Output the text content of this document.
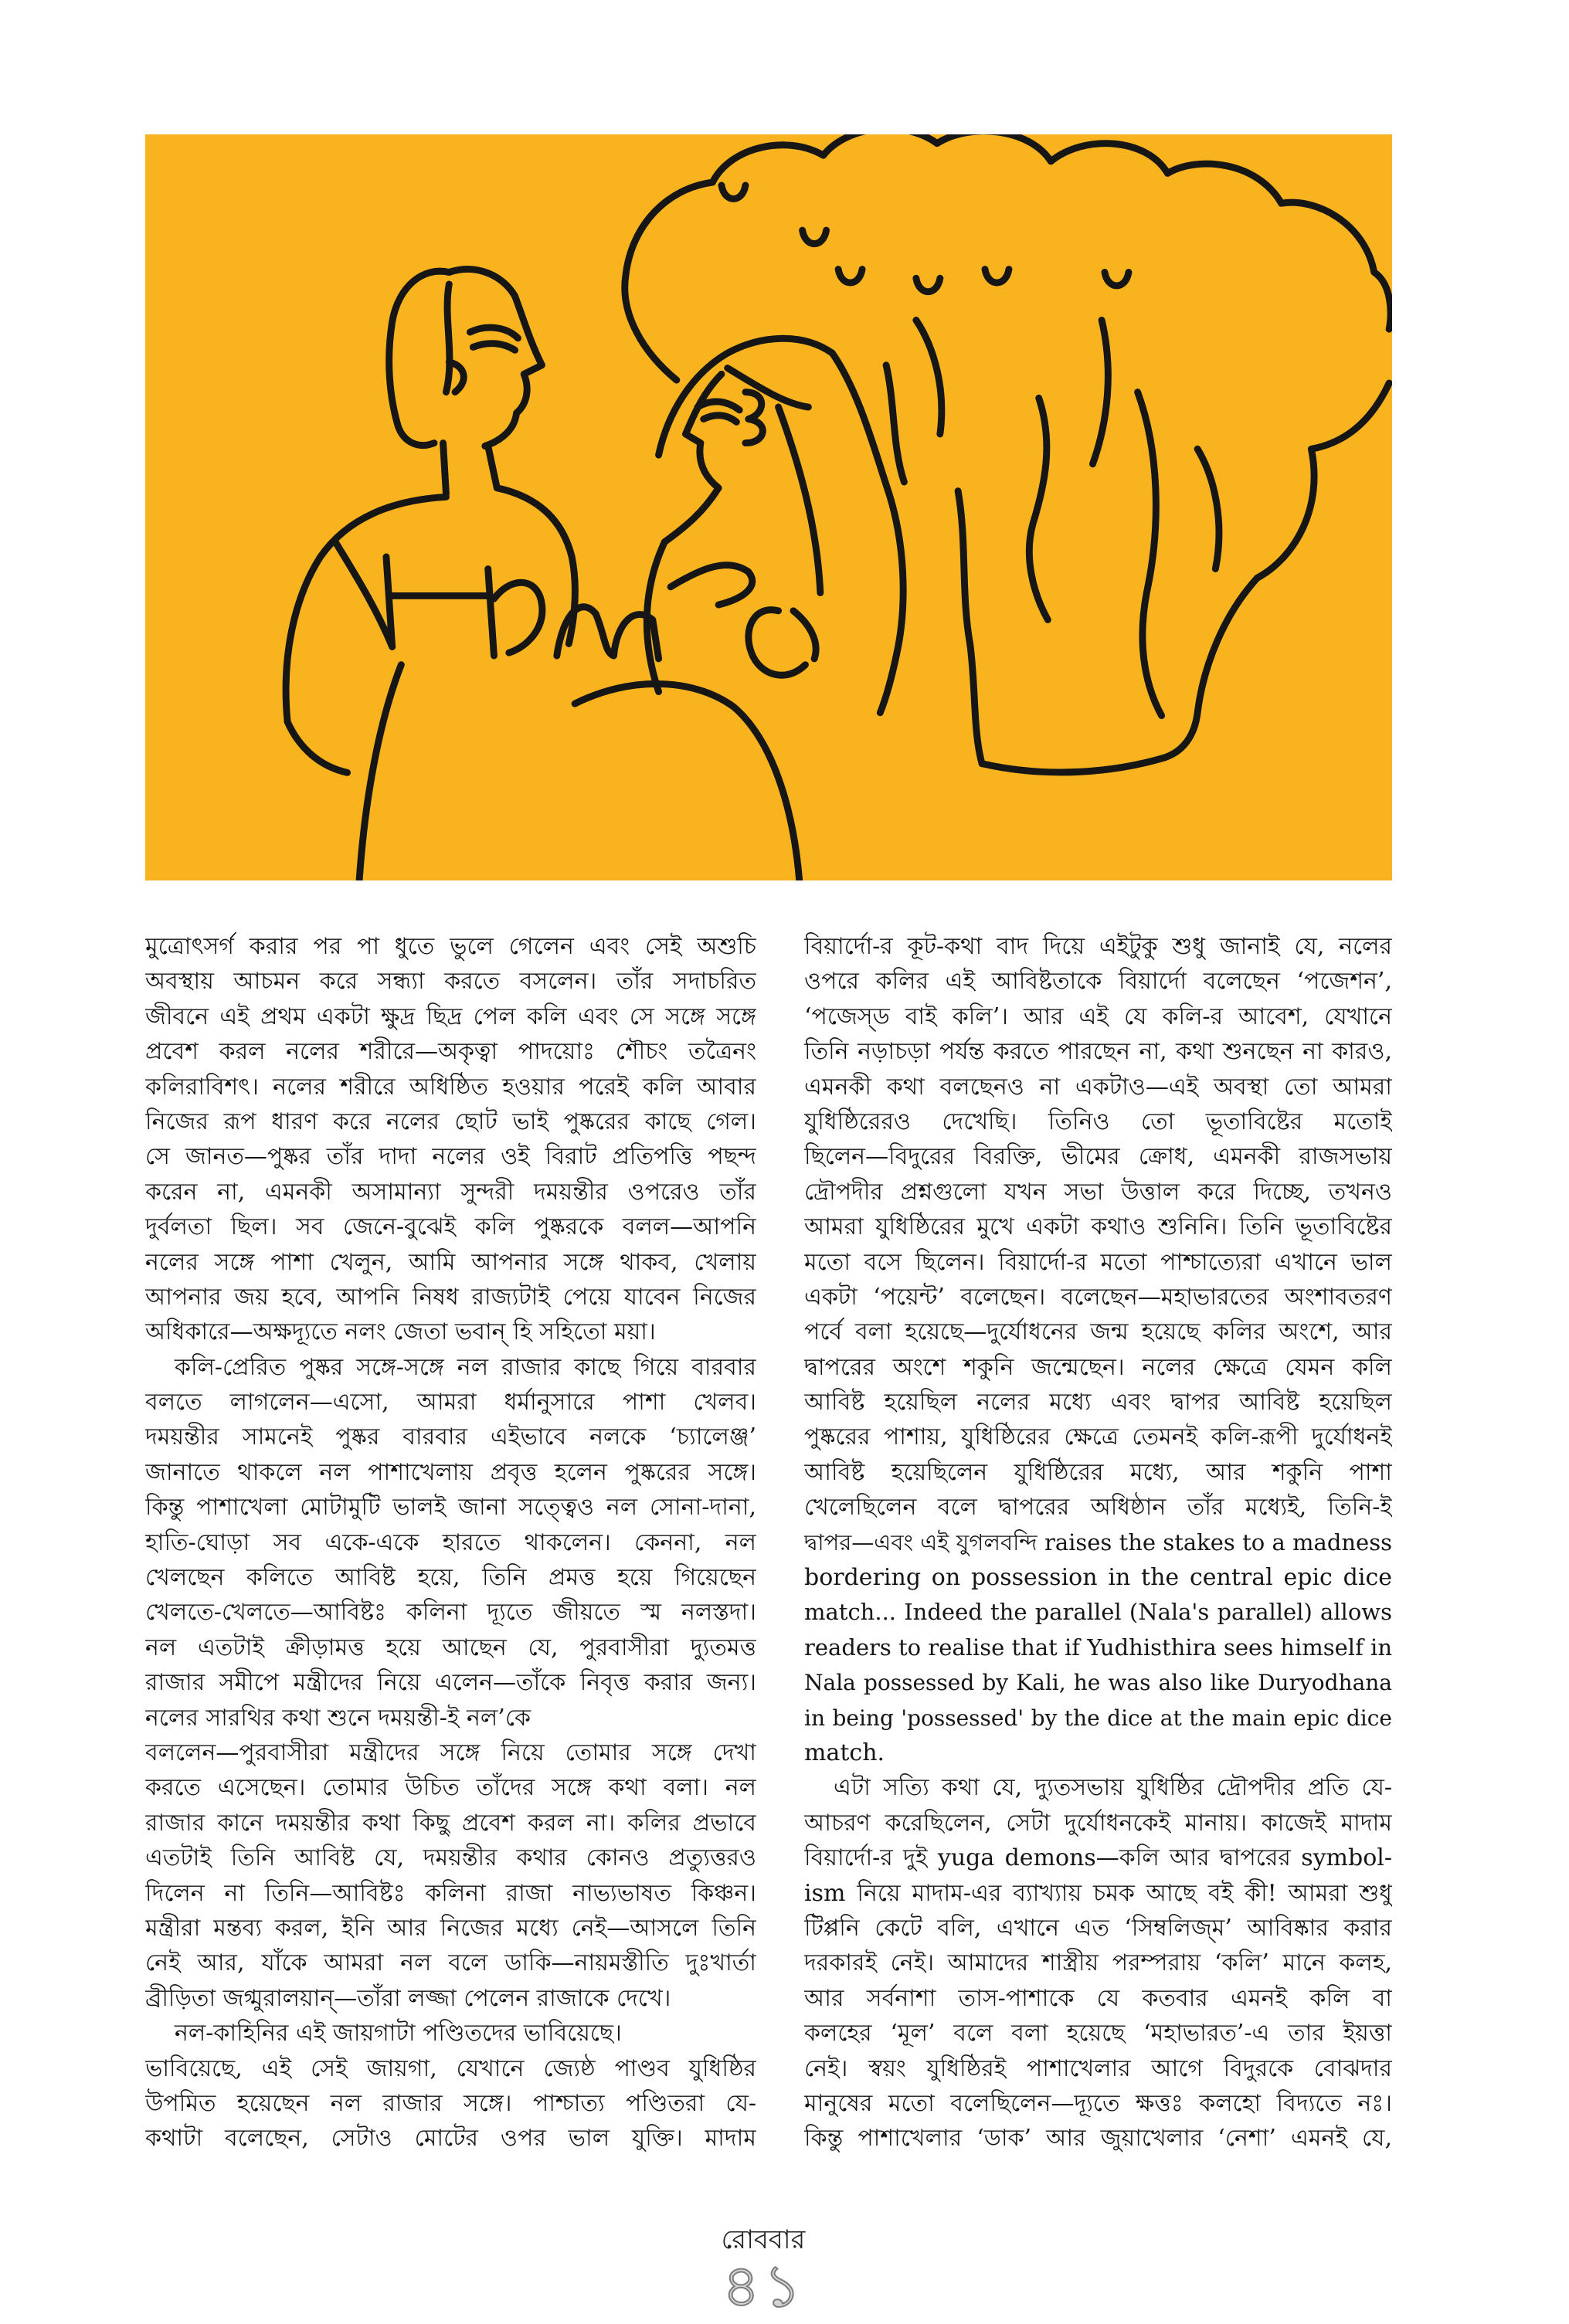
মুত্রোৎসর্গ করার পর পা ধুতে ভুলে গেলেন এবং সেই অশুচি
অবস্থায় আচমন করে সন্ধ্যা করতে বসলেন। তাঁর সদাচরিত
জীবনে এই প্রথম একটা ক্ষুদ্র ছিদ্র পেল কলি এবং সে সঙ্গে সঙ্গে
প্রবেশ করল নলের শরীরে—অকৃত্বা পাদয়োঃ শৌচং তত্রৈনং
কলিরাবিশৎ। নলের শরীরে অধিষ্ঠিত হওয়ার পরেই কলি আবার
নিজের রূপ ধারণ করে নলের ছোট ভাই পুষ্করের কাছে গেল।
সে জানত—পুষ্কর তাঁর দাদা নলের ওই বিরাট প্রতিপত্তি পছন্দ
করেন না, এমনকী অসামান্যা সুন্দরী দময়ন্তীর ওপরেও তাঁর
দুর্বলতা ছিল। সব জেনে-বুঝেই কলি পুষ্করকে বলল—আপনি
নলের সঙ্গে পাশা খেলুন, আমি আপনার সঙ্গে থাকব, খেলায়
আপনার জয় হবে, আপনি নিষধ রাজ্যটাই পেয়ে যাবেন নিজের
অধিকারে—অক্ষদ্যূতে নলং জেতা ভবান্ হি সহিতো ময়া।
কলি-প্রেরিত পুষ্কর সঙ্গে-সঙ্গে নল রাজার কাছে গিয়ে বারবার
বলতে লাগলেন—এসো, আমরা ধর্মানুসারে পাশা খেলব।
দময়ন্তীর সামনেই পুষ্কর বারবার এইভাবে নলকে ‘চ্যালেঞ্জ’
জানাতে থাকলে নল পাশাখেলায় প্রবৃত্ত হলেন পুষ্করের সঙ্গে।
কিন্তু পাশাখেলা মোটামুটি ভালই জানা সত্ত্বেও নল সোনা-দানা,
হাতি-ঘোড়া সব একে-একে হারতে থাকলেন। কেননা, নল
খেলছেন কলিতে আবিষ্ট হয়ে, তিনি প্রমত্ত হয়ে গিয়েছেন
খেলতে-খেলতে—আবিষ্টঃ কলিনা দ্যূতে জীয়তে স্ম নলস্তদা।
নল এতটাই ক্রীড়ামত্ত হয়ে আছেন যে, পুরবাসীরা দ্যুতমত্ত
রাজার সমীপে মন্ত্রীদের নিয়ে এলেন—তাঁকে নিবৃত্ত করার জন্য।
নলের সারথির কথা শুনে দময়ন্তী-ই নল’কে
বললেন—পুরবাসীরা মন্ত্রীদের সঙ্গে নিয়ে তোমার সঙ্গে দেখা
করতে এসেছেন। তোমার উচিত তাঁদের সঙ্গে কথা বলা। নল
রাজার কানে দময়ন্তীর কথা কিছু প্রবেশ করল না। কলির প্রভাবে
এতটাই তিনি আবিষ্ট যে, দময়ন্তীর কথার কোনও প্রত্যুত্তরও
দিলেন না তিনি—আবিষ্টঃ কলিনা রাজা নাভ্যভাষত কিঞ্চন।
মন্ত্রীরা মন্তব্য করল, ইনি আর নিজের মধ্যে নেই—আসলে তিনি
নেই আর, যাঁকে আমরা নল বলে ডাকি—নায়মস্তীতি দুঃখার্তা
ব্রীড়িতা জগ্মুরালয়ান্—তাঁরা লজ্জা পেলেন রাজাকে দেখে।
নল-কাহিনির এই জায়গাটা পণ্ডিতদের ভাবিয়েছে।
ভাবিয়েছে, এই সেই জায়গা, যেখানে জ্যেষ্ঠ পাণ্ডব যুধিষ্ঠির
উপমিত হয়েছেন নল রাজার সঙ্গে। পাশ্চাত্য পণ্ডিতরা যে-
কথাটা বলেছেন, সেটাও মোটের ওপর ভাল যুক্তি। মাদাম
বিয়ার্দো-র কূট-কথা বাদ দিয়ে এইটুকু শুধু জানাই যে, নলের
ওপরে কলির এই আবিষ্টতাকে বিয়ার্দো বলেছেন ‘পজেশন’,
‘পজেস্ড বাই কলি’। আর এই যে কলি-র আবেশ, যেখানে
তিনি নড়াচড়া পর্যন্ত করতে পারছেন না, কথা শুনছেন না কারও,
এমনকী কথা বলছেনও না একটাও—এই অবস্থা তো আমরা
যুধিষ্ঠিরেরও দেখেছি। তিনিও তো ভূতাবিষ্টের মতোই
ছিলেন—বিদুরের বিরক্তি, ভীমের ক্রোধ, এমনকী রাজসভায়
দ্রৌপদীর প্রশ্নগুলো যখন সভা উত্তাল করে দিচ্ছে, তখনও
আমরা যুধিষ্ঠিরের মুখে একটা কথাও শুনিনি। তিনি ভূতাবিষ্টের
মতো বসে ছিলেন। বিয়ার্দো-র মতো পাশ্চাত্যেরা এখানে ভাল
একটা ‘পয়েন্ট’ বলেছেন। বলেছেন—মহাভারতের অংশাবতরণ
পর্বে বলা হয়েছে—দুর্যোধনের জন্ম হয়েছে কলির অংশে, আর
দ্বাপরের অংশে শকুনি জন্মেছেন। নলের ক্ষেত্রে যেমন কলি
আবিষ্ট হয়েছিল নলের মধ্যে এবং দ্বাপর আবিষ্ট হয়েছিল
পুষ্করের পাশায়, যুধিষ্ঠিরের ক্ষেত্রে তেমনই কলি-রূপী দুর্যোধনই
আবিষ্ট হয়েছিলেন যুধিষ্ঠিরের মধ্যে, আর শকুনি পাশা
খেলেছিলেন বলে দ্বাপরের অধিষ্ঠান তাঁর মধ্যেই, তিনি-ই
দ্বাপর—এবং এই যুগলবন্দি raises the stakes to a madness
bordering on possession in the central epic dice
match... Indeed the parallel (Nala's parallel) allows
readers to realise that if Yudhisthira sees himself in
Nala possessed by Kali, he was also like Duryodhana
in being 'possessed' by the dice at the main epic dice
match.
এটা সত্যি কথা যে, দ্যুতসভায় যুধিষ্ঠির দ্রৌপদীর প্রতি যে-
আচরণ করেছিলেন, সেটা দুর্যোধনকেই মানায়। কাজেই মাদাম
বিয়ার্দো-র দুই yuga demons—কলি আর দ্বাপরের symbol-
ism নিয়ে মাদাম-এর ব্যাখ্যায় চমক আছে বই কী! আমরা শুধু
টিপ্পনি কেটে বলি, এখানে এত ‘সিম্বলিজ্‌ম’ আবিষ্কার করার
দরকারই নেই। আমাদের শাস্ত্রীয় পরম্পরায় ‘কলি’ মানে কলহ,
আর সর্বনাশা তাস-পাশাকে যে কতবার এমনই কলি বা
কলহের ‘মূল’ বলে বলা হয়েছে ‘মহাভারত’-এ তার ইয়ত্তা
নেই। স্বয়ং যুধিষ্ঠিরই পাশাখেলার আগে বিদুরকে বোঝদার
মানুষের মতো বলেছিলেন—দ্যূতে ক্ষত্তঃ কলহো বিদ্যতে নঃ।
কিন্তু পাশাখেলার ‘ডাক’ আর জুয়াখেলার ‘নেশা’ এমনই যে,
রোববার
৪১
